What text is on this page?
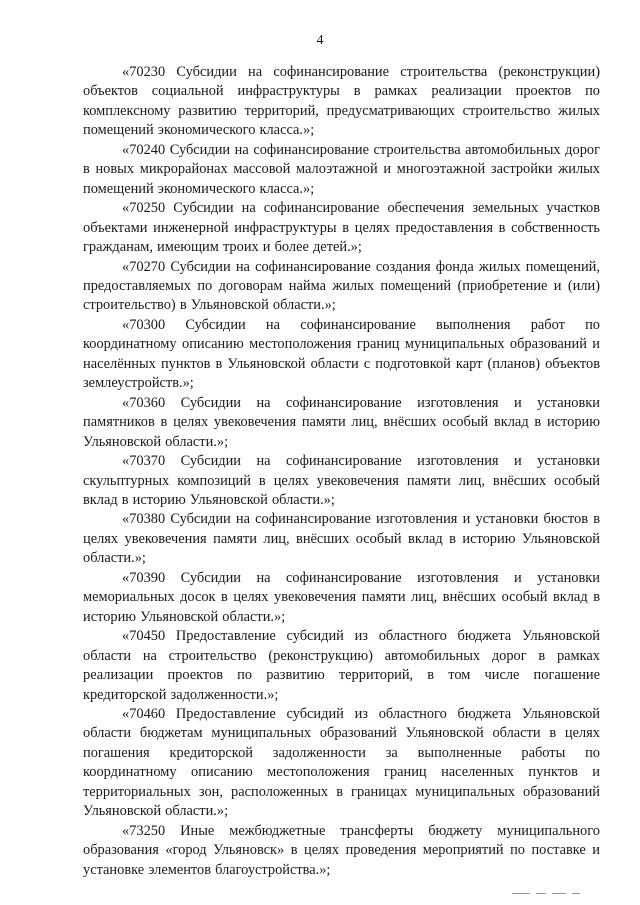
4

«70230 Субсидии на софинансирование строительства (реконструкции) объектов социальной инфраструктуры в рамках реализации проектов по комплексному развитию территорий, предусматривающих строительство жилых помещений экономического класса.»;

«70240 Субсидии на софинансирование строительства автомобильных дорог в новых микрорайонах массовой малоэтажной и многоэтажной застройки жилых помещений экономического класса.»;

«70250 Субсидии на софинансирование обеспечения земельных участков объектами инженерной инфраструктуры в целях предоставления в собственность гражданам, имеющим троих и более детей.»;

«70270 Субсидии на софинансирование создания фонда жилых помещений, предоставляемых по договорам найма жилых помещений (приобретение и (или) строительство) в Ульяновской области.»;

«70300 Субсидии на софинансирование выполнения работ по координатному описанию местоположения границ муниципальных образований и населённых пунктов в Ульяновской области с подготовкой карт (планов) объектов землеустройств.»;

«70360 Субсидии на софинансирование изготовления и установки памятников в целях увековечения памяти лиц, внёсших особый вклад в историю Ульяновской области.»;

«70370 Субсидии на софинансирование изготовления и установки скульптурных композиций в целях увековечения памяти лиц, внёсших особый вклад в историю Ульяновской области.»;

«70380 Субсидии на софинансирование изготовления и установки бюстов в целях увековечения памяти лиц, внёсших особый вклад в историю Ульяновской области.»;

«70390 Субсидии на софинансирование изготовления и установки мемориальных досок в целях увековечения памяти лиц, внёсших особый вклад в историю Ульяновской области.»;

«70450 Предоставление субсидий из областного бюджета Ульяновской области на строительство (реконструкцию) автомобильных дорог в рамках реализации проектов по развитию территорий, в том числе погашение кредиторской задолженности.»;

«70460 Предоставление субсидий из областного бюджета Ульяновской области бюджетам муниципальных образований Ульяновской области в целях погашения кредиторской задолженности за выполненные работы по координатному описанию местоположения границ населенных пунктов и территориальных зон, расположенных в границах муниципальных образований Ульяновской области.»;

«73250 Иные межбюджетные трансферты бюджету муниципального образования «город Ульяновск» в целях проведения мероприятий по поставке и установке элементов благоустройства.»;
